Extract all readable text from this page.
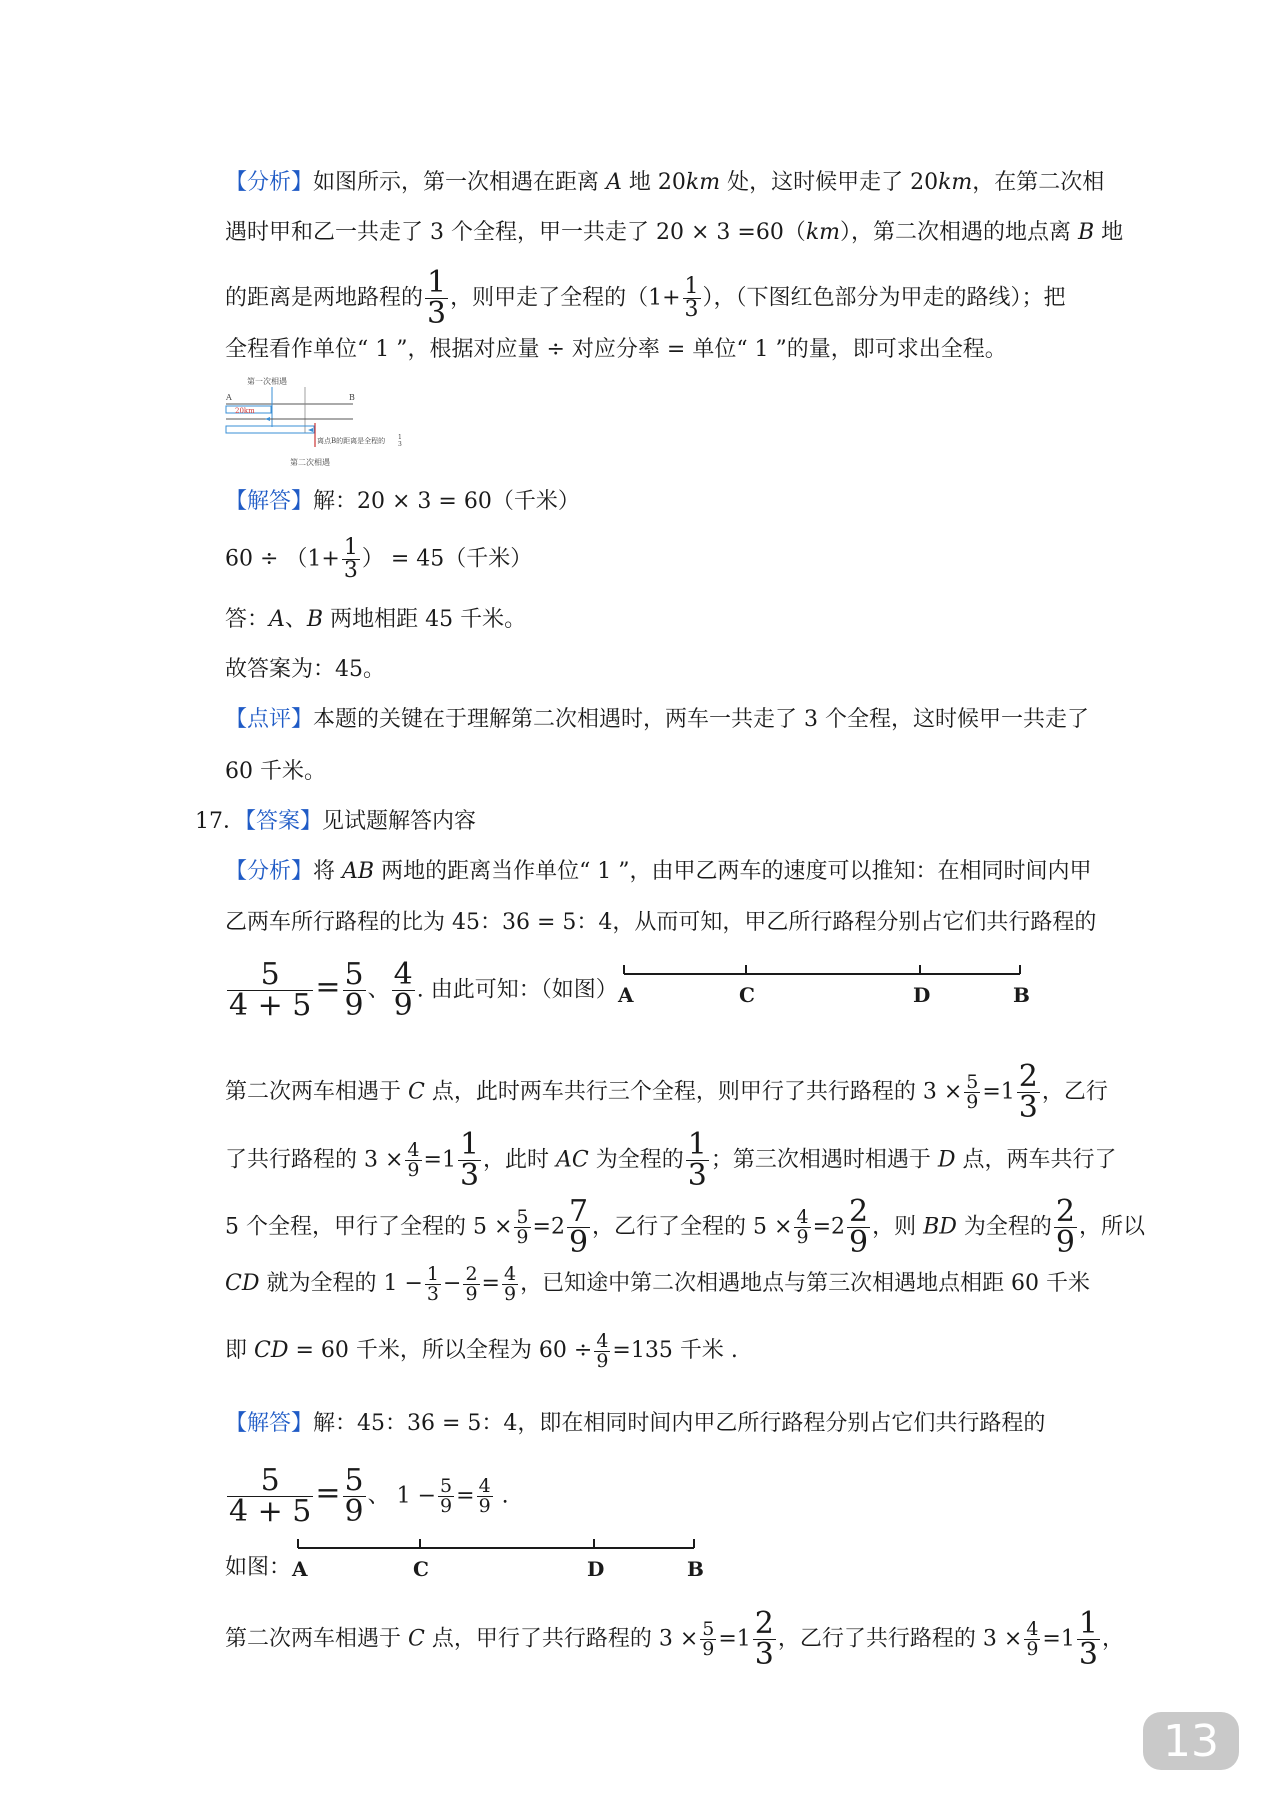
【分析】如图所示，第一次相遇在距离 A 地 20km 处，这时候甲走了 20km，在第二次相
遇时甲和乙一共走了 3 个全程，甲一共走了 20 × 3 =60（km），第二次相遇的地点离 B 地
的距离是两地路程的 $\frac{1}{3}$ ，则甲走了全程的（$1+ \frac{1}{3}$ ），（下图红色部分为甲走的路线）；把
全程看作单位“ 1 ”，根据对应量 ÷ 对应分率 = 单位“ 1 ”的量，即可求出全程。
第一次相遇
A	B
20km
离点B的距离是全程的 1
3
第二次相遇
【解答】解：20 × 3 = 60（千米）
$60 \div (1+ \frac{1}{3}$ ） = 45（千米）
答：A、B 两地相距 45 千米。
故答案为：45。
【点评】本题的关键在于理解第二次相遇时，两车一共走了 3 个全程，这时候甲一共走了
60 千米。
17．【答案】见试题解答内容
【分析】将 AB 两地的距离当作单位“ 1 ”，由甲乙两车的速度可以推知：在相同时间内甲
乙两车所行路程的比为 45：36 = 5：4，从而可知，甲乙所行路程分别占它们共行路程的
$\frac{5}{4 + 5} = \frac{5}{9}$ 、 $\frac{4}{9}$ . 由此可知：（如图） A	C	D	B
第二次两车相遇于 C 点，此时两车共行三个全程，则甲行了共行路程的 $3 \times \frac{5}{9} =1 \frac{2}{3}$ ，乙行
了共行路程的 $3 \times \frac{4}{9} =1 \frac{1}{3}$ ，此时 AC 为全程的 $\frac{1}{3}$ ；第三次相遇时相遇于 D 点，两车共行了
5 个全程，甲行了全程的 $5 \times \frac{5}{9} =2 \frac{7}{9}$ ，乙行了全程的 $5 \times \frac{4}{9} =2 \frac{2}{9}$ ，则 BD 为全程的 $\frac{2}{9}$ ，所以
CD 就为全程的 $1 - \frac{1}{3} - \frac{2}{9} = \frac{4}{9}$ ，已知途中第二次相遇地点与第三次相遇地点相距 60 千米
即 CD = 60 千米，所以全程为 $60 \div \frac{4}{9} =135$ 千米 .
【解答】解：45：36 = 5：4，即在相同时间内甲乙所行路程分别占它们共行路程的
$\frac{5}{4 + 5} = \frac{5}{9}$ 、 $1 - \frac{5}{9} = \frac{4}{9}$ .
如图： A	C	D	B
第二次两车相遇于 C 点，甲行了共行路程的 $3 \times \frac{5}{9} =1 \frac{2}{3}$ ，乙行了共行路程的 $3 \times \frac{4}{9} =1 \frac{1}{3}$ ，
13
